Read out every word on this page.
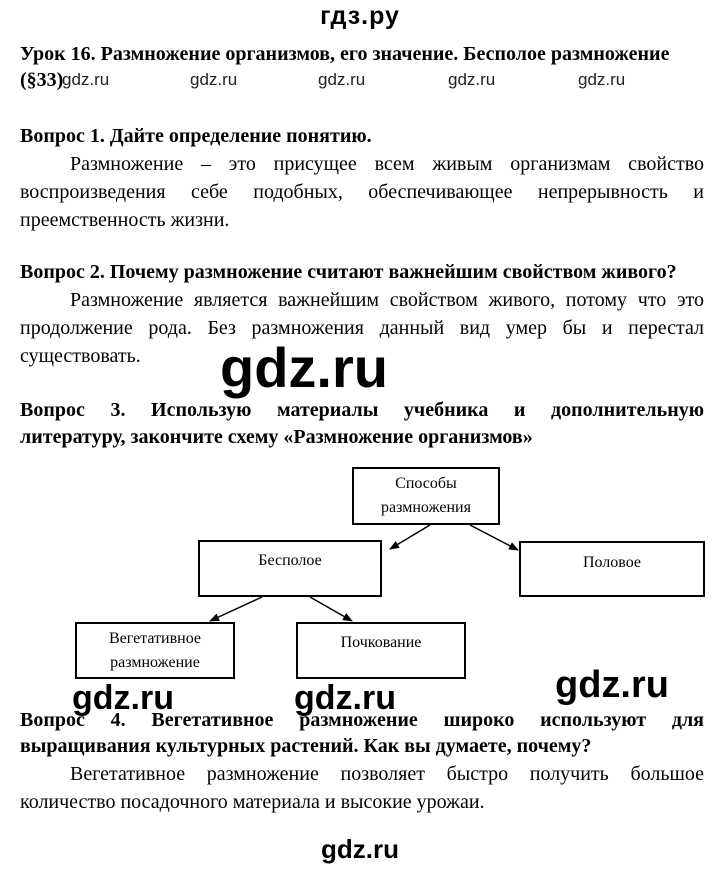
гдз.ру
Урок 16. Размножение организмов, его значение. Бесполое размножение
(§33)
gdz.ru	gdz.ru	gdz.ru	gdz.ru	gdz.ru
Вопрос 1. Дайте определение понятию.
Размножение – это присущее всем живым организмам свойство
воспроизведения себе подобных, обеспечивающее непрерывность и
преемственность жизни.
Вопрос 2. Почему размножение считают важнейшим свойством живого?
Размножение является важнейшим свойством живого, потому что это
продолжение рода. Без размножения данный вид умер бы и перестал
существовать. gdz.ru
Вопрос 3. Использую материалы учебника и дополнительную
литературу, закончите схему «Размножение организмов»
Способы
размножения
Бесполое	Половое
Вегетативное
размножение
Почкование
gdz.ru	gdz.ru	gdz.ru
Вопрос 4. Вегетативное размножение широко используют для
выращивания культурных растений. Как вы думаете, почему?
Вегетативное размножение позволяет быстро получить большое
количество посадочного материала и высокие урожаи.
gdz.ru
